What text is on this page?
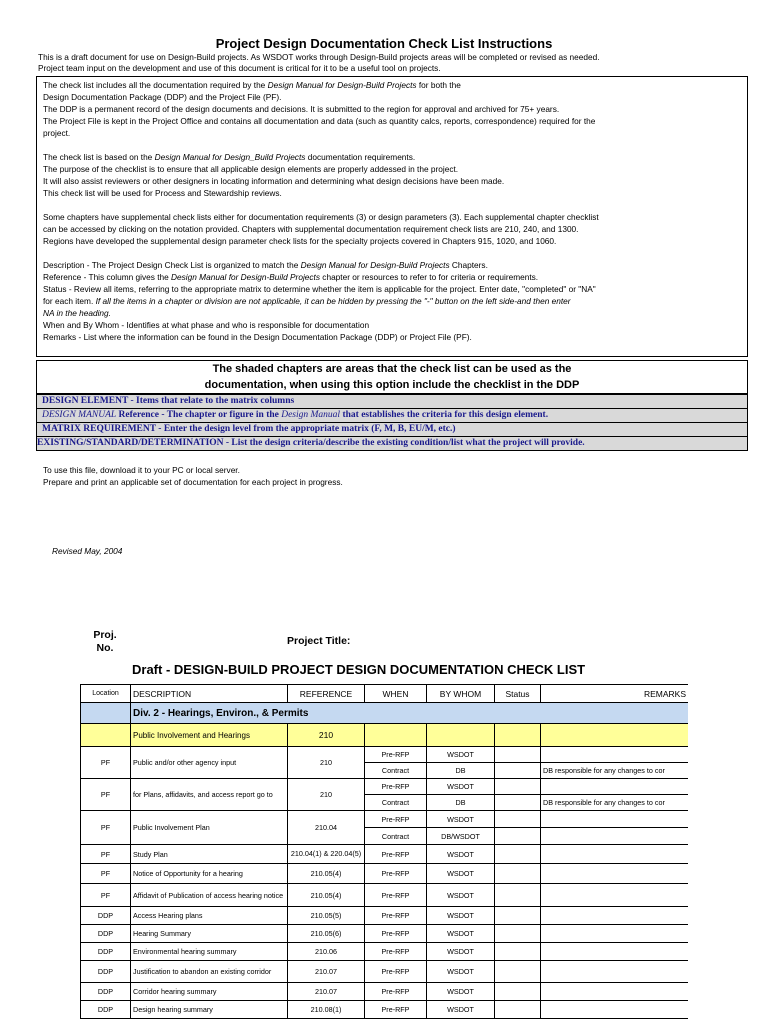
Project Design Documentation Check List Instructions
This is a draft document for use on Design-Build projects. As WSDOT works through Design-Build projects areas will be completed or revised as needed.
Project team input on the development and use of this document is critical for it to be a useful tool on projects.

The check list includes all the documentation required by the Design Manual for Design-Build Projects for both the

Design Documentation Package (DDP) and the Project File (PF).

The DDP is a permanent record of the design documents and decisions. It is submitted to the region for approval and archived for 75+ years.

The Project File is kept in the Project Office and contains all documentation and data (such as quantity calcs, reports, correspondence) required for the

project.

The check list is based on the Design Manual for Design_Build Projects documentation requirements.

The purpose of the checklist is to ensure that all applicable design elements are properly addessed in the project.

It will also assist reviewers or other designers in locating information and determining what design decisions have been made.

This check list will be used for Process and Stewardship reviews.

Some chapters have supplemental check lists either for documentation requirements (3) or design parameters (3). Each supplemental chapter checklist

can be accessed by clicking on the notation provided. Chapters with supplemental documentation requirement check lists are 210, 240, and 1300.

Regions have developed the supplemental design parameter check lists for the specialty projects covered in Chapters 915, 1020, and 1060.

Description - The Project Design Check List is organized to match the Design Manual for Design-Build Projects Chapters.

Reference - This column gives the Design Manual for Design-Build Projects chapter or resources to refer to for criteria or requirements.

Status - Review all items, referring to the appropriate matrix to determine whether the item is applicable for the project. Enter date, "completed" or "NA"

for each item. If all the items in a chapter or division are not applicable, it can be hidden by pressing the "-" button on the left side-and then enter

NA in the heading.

When and By Whom - Identifies at what phase and who is responsible for documentation

Remarks - List where the information can be found in the Design Documentation Package (DDP) or Project File (PF).

The shaded chapters are areas that the check list can be used as the
documentation, when using this option include the checklist in the DDP
DESIGN ELEMENT - Items that relate to the matrix columns
DESIGN MANUAL Reference - The chapter or figure in the Design Manual that establishes the criteria for this design element.
MATRIX REQUIREMENT - Enter the design level from the appropriate matrix (F, M, B, EU/M, etc.)
EXISTING/STANDARD/DETERMINATION - List the design criteria/describe the existing condition/list what the project will provide.
To use this file, download it to your PC or local server.
Prepare and print an applicable set of documentation for each project in progress.
Revised May, 2004
Proj.
No.
Project Title:
Draft - DESIGN-BUILD PROJECT DESIGN DOCUMENTATION CHECK LIST
Location	DESCRIPTION	REFERENCE	WHEN	BY WHOM	Status	REMARKS
	Div. 2 - Hearings, Environ., & Permits					
	Public Involvement and Hearings	210				
PF	Public and/or other agency input	210	Pre-RFP	WSDOT		
			Contract	DB		DB responsible for any changes to cor
PF	for Plans, affidavits, and access report go to	210	Pre-RFP	WSDOT		
			Contract	DB		DB responsible for any changes to cor
PF	Public Involvement Plan	210.04	Pre-RFP	WSDOT		
			Contract	DB/WSDOT		
PF	Study Plan	210.04(1) & 220.04(5)	Pre-RFP	WSDOT		
PF	Notice of Opportunity for a hearing	210.05(4)	Pre-RFP	WSDOT		
PF	Affidavit of Publication of access hearing notice	210.05(4)	Pre-RFP	WSDOT		
DDP	Access Hearing plans	210.05(5)	Pre-RFP	WSDOT		
DDP	Hearing Summary	210.05(6)	Pre-RFP	WSDOT		
DDP	Environmental hearing summary	210.06	Pre-RFP	WSDOT		
DDP	Justification to abandon an existing corridor	210.07	Pre-RFP	WSDOT		
DDP	Corridor hearing summary	210.07	Pre-RFP	WSDOT		
DDP	Design hearing summary	210.08(1)	Pre-RFP	WSDOT		
